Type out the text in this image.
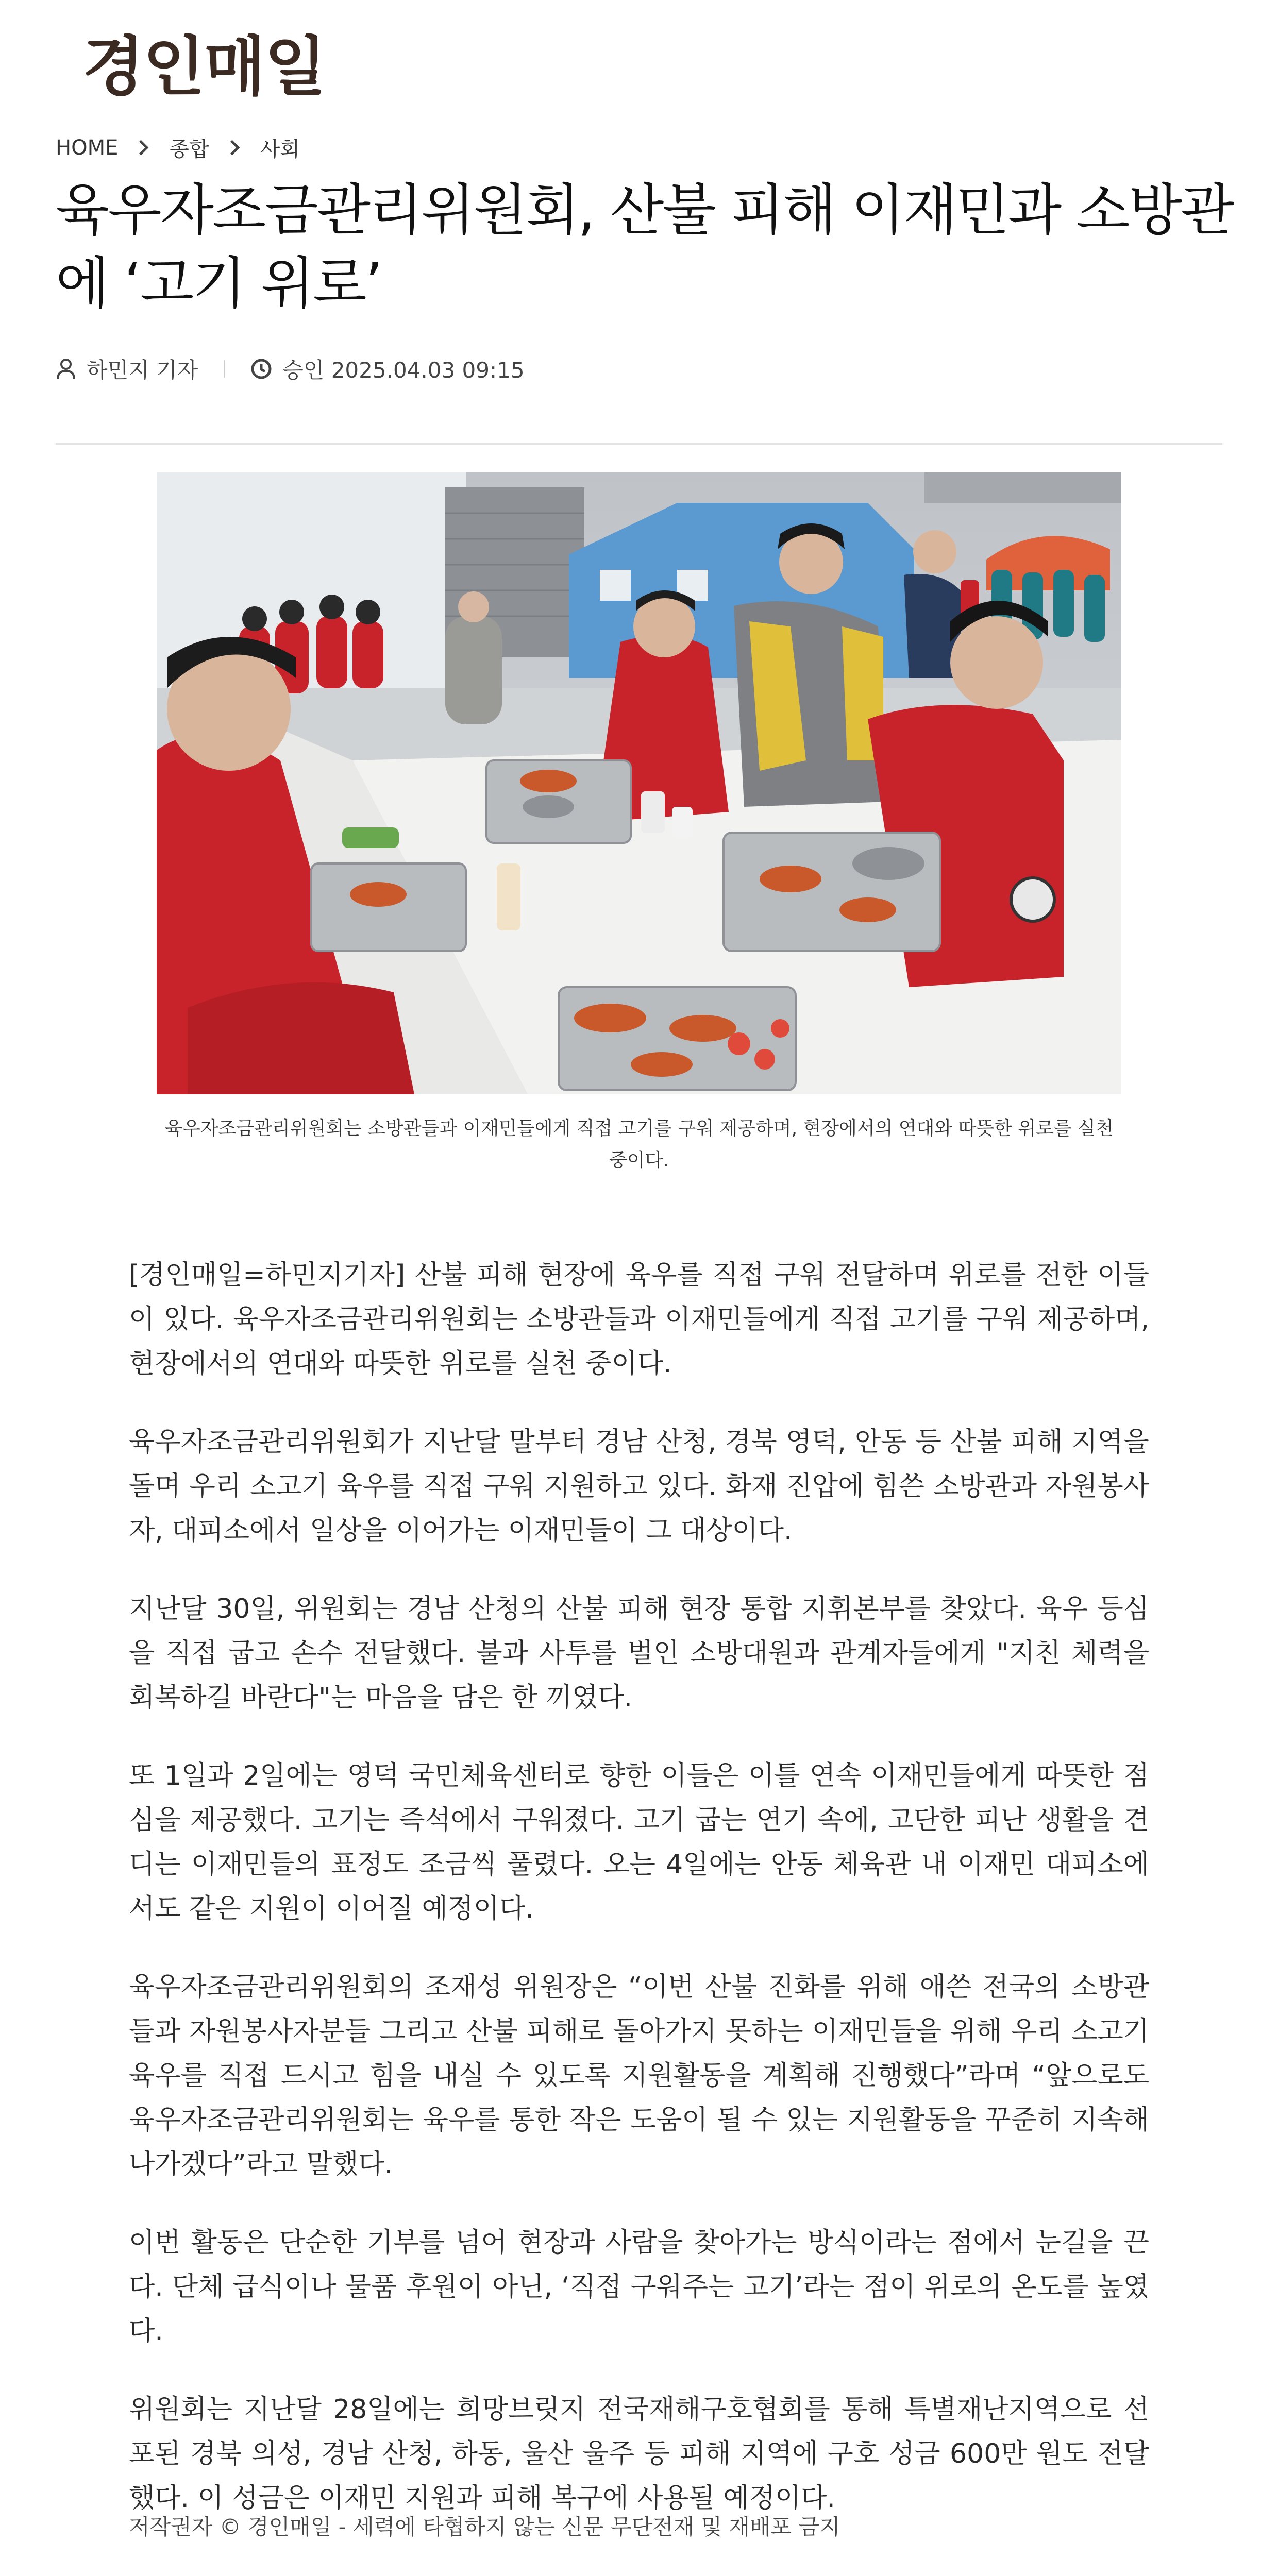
경인매일
HOME 종합 사회
육우자조금관리위원회, 산불 피해 이재민과 소방관에 ‘고기 위로’
하민지 기자	승인 2025.04.03 09:15
육우자조금관리위원회는 소방관들과 이재민들에게 직접 고기를 구워 제공하며, 현장에서의 연대와 따뜻한 위로를 실천 중이다.

[경인매일=하민지기자] 산불 피해 현장에 육우를 직접 구워 전달하며 위로를 전한 이들이 있다. 육우자조금관리위원회는 소방관들과 이재민들에게 직접 고기를 구워 제공하며, 현장에서의 연대와 따뜻한 위로를 실천 중이다.

육우자조금관리위원회가 지난달 말부터 경남 산청, 경북 영덕, 안동 등 산불 피해 지역을 돌며 우리 소고기 육우를 직접 구워 지원하고 있다. 화재 진압에 힘쓴 소방관과 자원봉사자, 대피소에서 일상을 이어가는 이재민들이 그 대상이다.

지난달 30일, 위원회는 경남 산청의 산불 피해 현장 통합 지휘본부를 찾았다. 육우 등심을 직접 굽고 손수 전달했다. 불과 사투를 벌인 소방대원과 관계자들에게 "지친 체력을 회복하길 바란다"는 마음을 담은 한 끼였다.

또 1일과 2일에는 영덕 국민체육센터로 향한 이들은 이틀 연속 이재민들에게 따뜻한 점심을 제공했다. 고기는 즉석에서 구워졌다. 고기 굽는 연기 속에, 고단한 피난 생활을 견디는 이재민들의 표정도 조금씩 풀렸다. 오는 4일에는 안동 체육관 내 이재민 대피소에서도 같은 지원이 이어질 예정이다.

육우자조금관리위원회의 조재성 위원장은 “이번 산불 진화를 위해 애쓴 전국의 소방관들과 자원봉사자분들 그리고 산불 피해로 돌아가지 못하는 이재민들을 위해 우리 소고기 육우를 직접 드시고 힘을 내실 수 있도록 지원활동을 계획해 진행했다”라며 “앞으로도 육우자조금관리위원회는 육우를 통한 작은 도움이 될 수 있는 지원활동을 꾸준히 지속해 나가겠다”라고 말했다.

이번 활동은 단순한 기부를 넘어 현장과 사람을 찾아가는 방식이라는 점에서 눈길을 끈다. 단체 급식이나 물품 후원이 아닌, ‘직접 구워주는 고기’라는 점이 위로의 온도를 높였다.

위원회는 지난달 28일에는 희망브릿지 전국재해구호협회를 통해 특별재난지역으로 선포된 경북 의성, 경남 산청, 하동, 울산 울주 등 피해 지역에 구호 성금 600만 원도 전달했다. 이 성금은 이재민 지원과 피해 복구에 사용될 예정이다.

저작권자 © 경인매일 - 세력에 타협하지 않는 신문 무단전재 및 재배포 금지
